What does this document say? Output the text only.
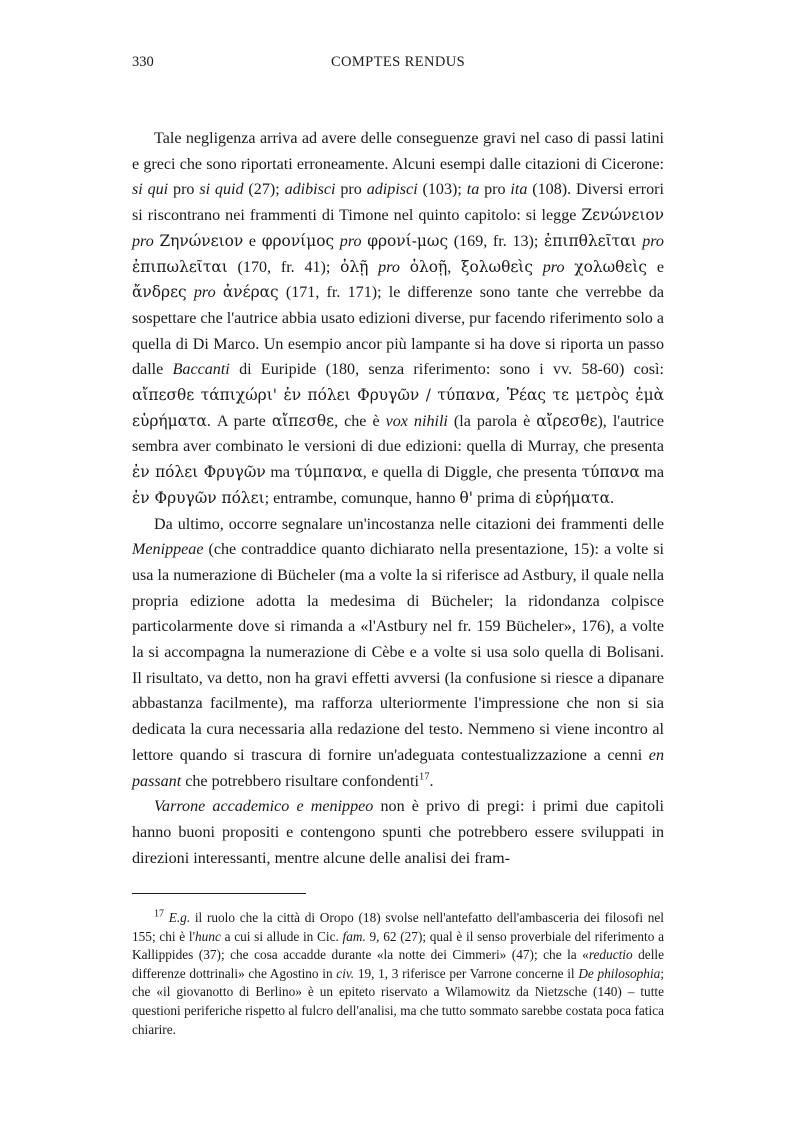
330	COMPTES RENDUS

Tale negligenza arriva ad avere delle conseguenze gravi nel caso di passi latini e greci che sono riportati erroneamente. Alcuni esempi dalle citazioni di Cicerone: si qui pro si quid (27); adibisci pro adipisci (103); ta pro ita (108). Diversi errori si riscontrano nei frammenti di Timone nel quinto capitolo: si legge Ζενώνειον pro Ζηνώνειον e φρονίμος pro φρονί-μως (169, fr. 13); ἐπιπθλεῖται pro ἐπιπωλεῖται (170, fr. 41); ὀλῇ pro ὀλοῇ, ξολωθεὶς pro χολωθεὶς e ἄνδρες pro ἀνέρας (171, fr. 171); le differenze sono tante che verrebbe da sospettare che l'autrice abbia usato edizioni diverse, pur facendo riferimento solo a quella di Di Marco. Un esempio ancor più lampante si ha dove si riporta un passo dalle Baccanti di Euripide (180, senza riferimento: sono i vv. 58-60) così: αἴπεσθε τάπιχώρι' ἐν πόλει Φρυγῶν / τύπανα, Ῥέας τε μετρὸς ἐμὰ εὑρήματα. A parte αἴπεσθε, che è vox nihili (la parola è αἴρεσθε), l'autrice sembra aver combinato le versioni di due edizioni: quella di Murray, che presenta ἐν πόλει Φρυγῶν ma τύμπανα, e quella di Diggle, che presenta τύπανα ma ἐν Φρυγῶν πόλει; entrambe, comunque, hanno θ' prima di εὑρήματα.

Da ultimo, occorre segnalare un'incostanza nelle citazioni dei frammenti delle Menippeae (che contraddice quanto dichiarato nella presentazione, 15): a volte si usa la numerazione di Bücheler (ma a volte la si riferisce ad Astbury, il quale nella propria edizione adotta la medesima di Bücheler; la ridondanza colpisce particolarmente dove si rimanda a «l'Astbury nel fr. 159 Bücheler», 176), a volte la si accompagna la numerazione di Cèbe e a volte si usa solo quella di Bolisani. Il risultato, va detto, non ha gravi effetti avversi (la confusione si riesce a dipanare abbastanza facilmente), ma rafforza ulteriormente l'impressione che non si sia dedicata la cura necessaria alla redazione del testo. Nemmeno si viene incontro al lettore quando si trascura di fornire un'adeguata contestualizzazione a cenni en passant che potrebbero risultare confondenti$^{17}$.

Varrone accademico e menippeo non è privo di pregi: i primi due capitoli hanno buoni propositi e contengono spunti che potrebbero essere sviluppati in direzioni interessanti, mentre alcune delle analisi dei fram-

$^{17}$ E.g. il ruolo che la città di Oropo (18) svolse nell'antefatto dell'ambasceria dei filosofi nel 155; chi è l'hunc a cui si allude in Cic. fam. 9, 62 (27); qual è il senso proverbiale del riferimento a Kallippides (37); che cosa accadde durante «la notte dei Cimmeri» (47); che la «reductio delle differenze dottrinali» che Agostino in civ. 19, 1, 3 riferisce per Varrone concerne il De philosophia; che «il giovanotto di Berlino» è un epiteto riservato a Wilamowitz da Nietzsche (140) – tutte questioni periferiche rispetto al fulcro dell'analisi, ma che tutto sommato sarebbe costata poca fatica chiarire.
